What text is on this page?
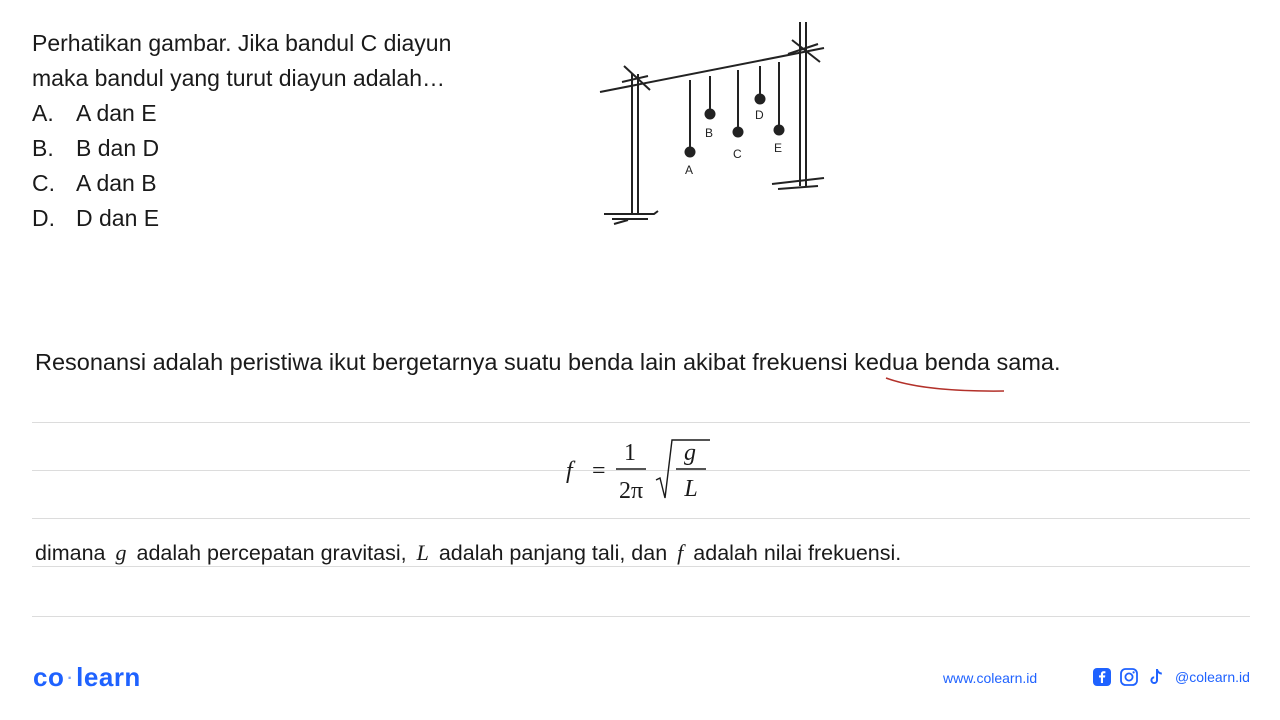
Perhatikan gambar. Jika bandul C diayun
maka bandul yang turut diayun adalah…
A. A dan E
B. B dan D
C. A dan B
D. D dan E
A
B
C
D
E
Resonansi adalah peristiwa ikut bergetarnya suatu benda lain akibat frekuensi kedua benda sama.
f =
1
2π
g
L
dimana g adalah percepatan gravitasi, L adalah panjang tali, dan f adalah nilai frekuensi.
co · learn	www.colearn.id	@colearn.id
